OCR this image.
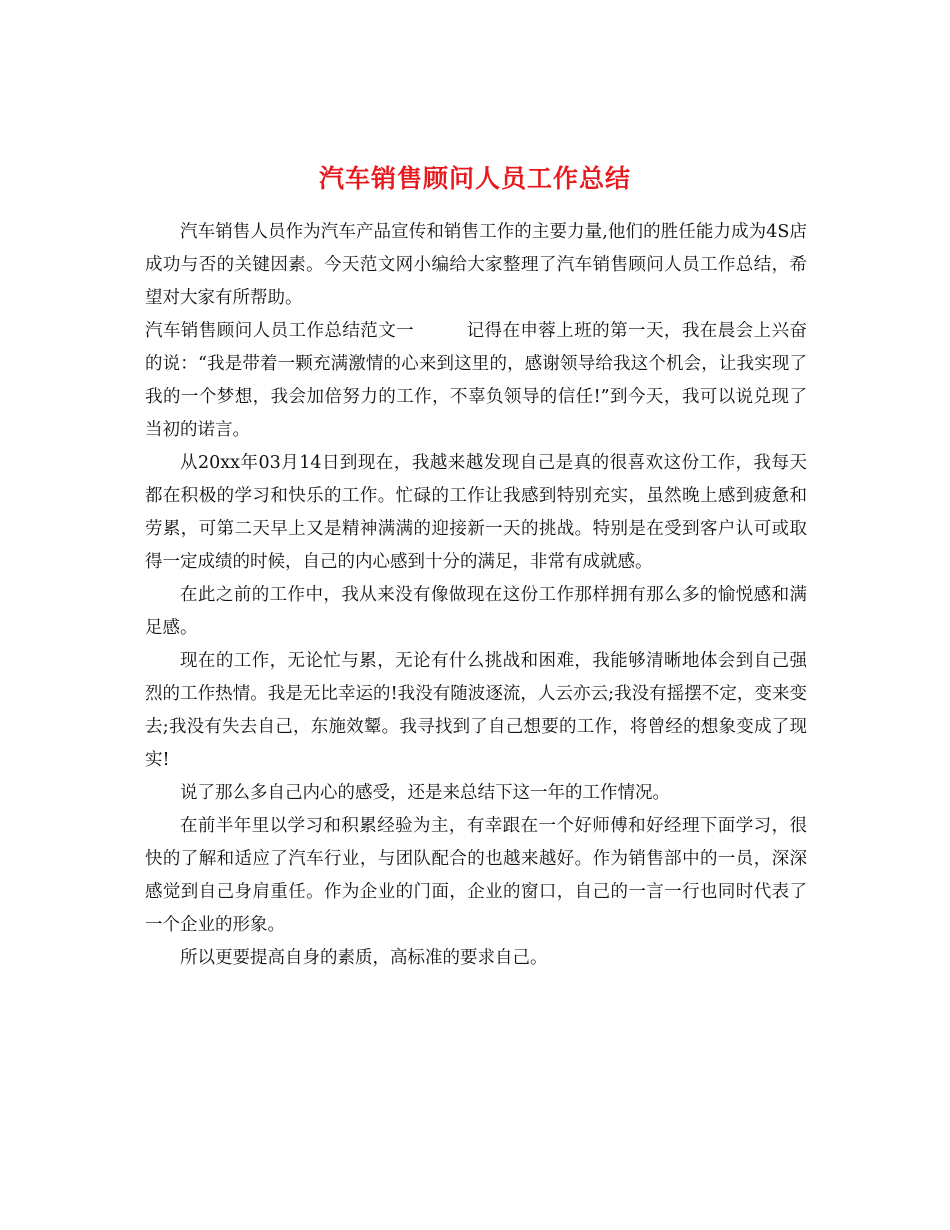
汽车销售顾问人员工作总结

汽车销售人员作为汽车产品宣传和销售工作的主要力量,他们的胜任能力成为4S店成功与否的关键因素。今天范文网小编给大家整理了汽车销售顾问人员工作总结，希望对大家有所帮助。

汽车销售顾问人员工作总结范文一	记得在申蓉上班的第一天，我在晨会上兴奋的说：“我是带着一颗充满激情的心来到这里的，感谢领导给我这个机会，让我实现了我的一个梦想，我会加倍努力的工作，不辜负领导的信任!”到今天，我可以说兑现了当初的诺言。

从20xx年03月14日到现在，我越来越发现自己是真的很喜欢这份工作，我每天都在积极的学习和快乐的工作。忙碌的工作让我感到特别充实，虽然晚上感到疲惫和劳累，可第二天早上又是精神满满的迎接新一天的挑战。特别是在受到客户认可或取得一定成绩的时候，自己的内心感到十分的满足，非常有成就感。

在此之前的工作中，我从来没有像做现在这份工作那样拥有那么多的愉悦感和满足感。

现在的工作，无论忙与累，无论有什么挑战和困难，我能够清晰地体会到自己强烈的工作热情。我是无比幸运的!我没有随波逐流，人云亦云;我没有摇摆不定，变来变去;我没有失去自己，东施效颦。我寻找到了自己想要的工作，将曾经的想象变成了现实!

说了那么多自己内心的感受，还是来总结下这一年的工作情况。

在前半年里以学习和积累经验为主，有幸跟在一个好师傅和好经理下面学习，很快的了解和适应了汽车行业，与团队配合的也越来越好。作为销售部中的一员，深深感觉到自己身肩重任。作为企业的门面，企业的窗口，自己的一言一行也同时代表了一个企业的形象。

所以更要提高自身的素质，高标准的要求自己。
